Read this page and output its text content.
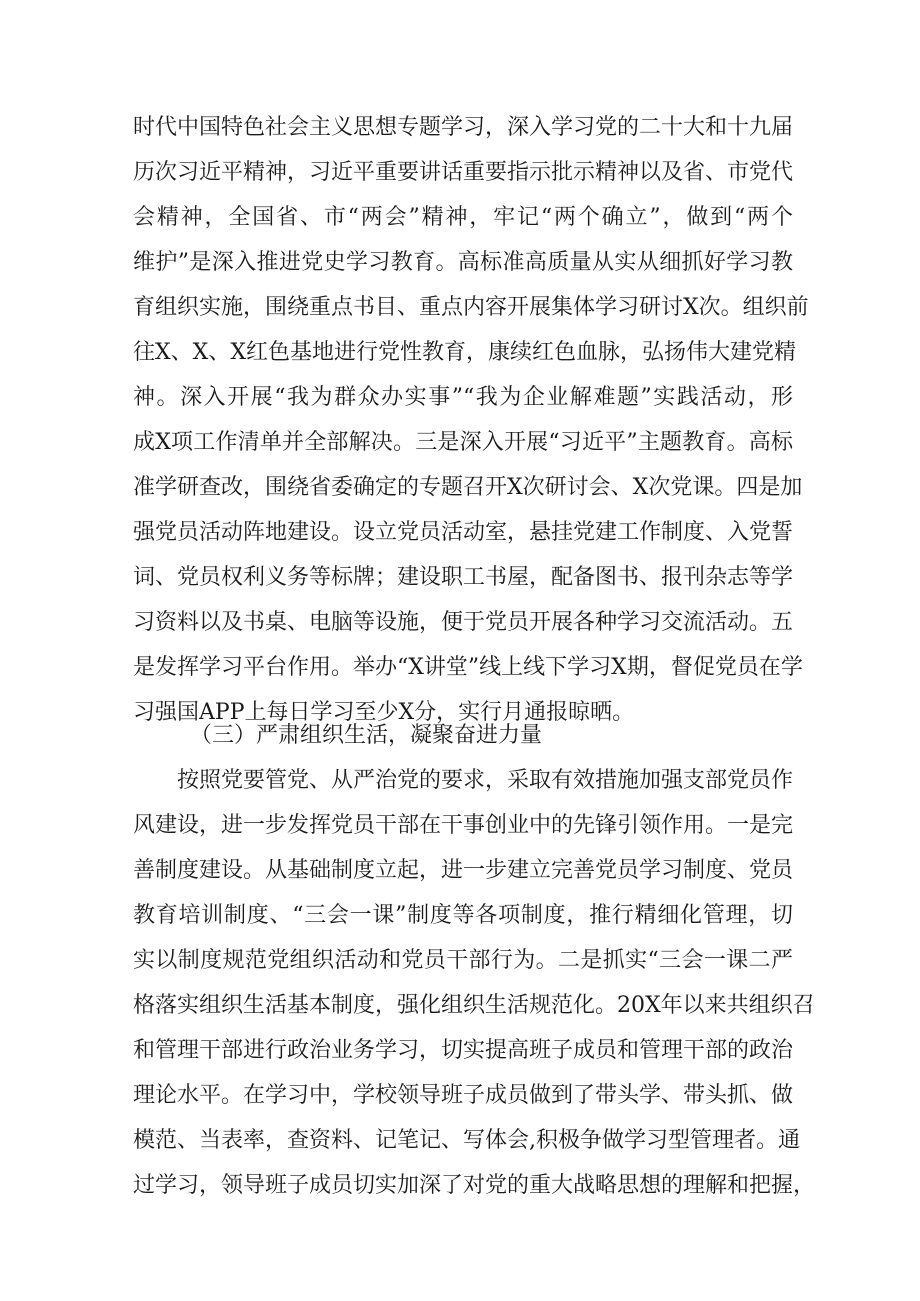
时代中国特色社会主义思想专题学习，深入学习党的二十大和十九届
历次习近平精神，习近平重要讲话重要指示批示精神以及省、市党代
会精神，全国省、市“两会”精神，牢记“两个确立”，做到“两个
维护”是深入推进党史学习教育。高标准高质量从实从细抓好学习教
育组织实施，围绕重点书目、重点内容开展集体学习研讨X次。组织前
往X、X、X红色基地进行党性教育，康续红色血脉，弘扬伟大建党精
神。深入开展“我为群众办实事”“我为企业解难题”实践活动，形
成X项工作清单并全部解决。三是深入开展“习近平”主题教育。高标
准学研查改，围绕省委确定的专题召开X次研讨会、X次党课。四是加
强党员活动阵地建设。设立党员活动室，悬挂党建工作制度、入党誓
词、党员权利义务等标牌；建设职工书屋，配备图书、报刊杂志等学
习资料以及书桌、电脑等设施，便于党员开展各种学习交流活动。五
是发挥学习平台作用。举办“X讲堂”线上线下学习X期，督促党员在学
习强国APP上每日学习至少X分，实行月通报晾晒。
（三）严肃组织生活，凝聚奋进力量
按照党要管党、从严治党的要求，采取有效措施加强支部党员作
风建设，进一步发挥党员干部在干事创业中的先锋引领作用。一是完
善制度建设。从基础制度立起，进一步建立完善党员学习制度、党员
教育培训制度、“三会一课”制度等各项制度，推行精细化管理，切
实以制度规范党组织活动和党员干部行为。二是抓实“三会一课二严
格落实组织生活基本制度，强化组织生活规范化。20X年以来共组织召
和管理干部进行政治业务学习，切实提高班子成员和管理干部的政治
理论水平。在学习中，学校领导班子成员做到了带头学、带头抓、做
模范、当表率，查资料、记笔记、写体会,积极争做学习型管理者。通
过学习，领导班子成员切实加深了对党的重大战略思想的理解和把握，
